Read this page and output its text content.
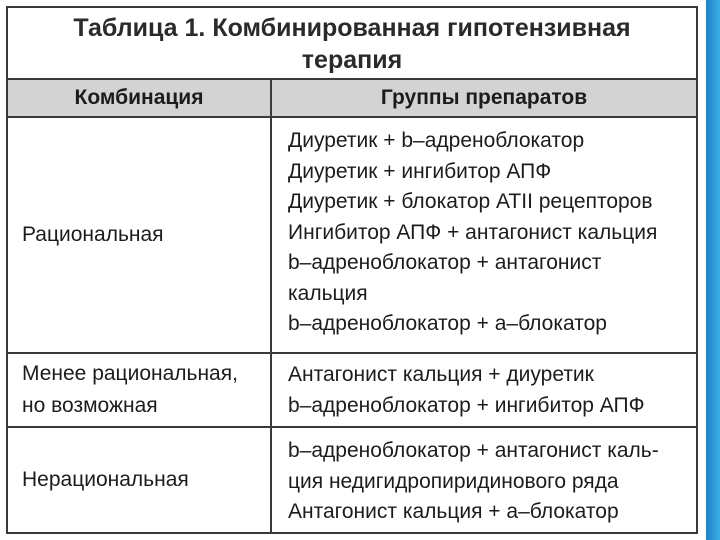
Таблица 1. Комбинированная гипотензивная
терапия
Комбинация	Группы препаратов
Рациональная
Диуретик + b–адреноблокатор
Диуретик + ингибитор АПФ
Диуретик + блокатор АТII рецепторов
Ингибитор АПФ + антагонист кальция
b–адреноблокатор + антагонист
кальция
b–адреноблокатор + a–блокатор
Менее рациональная,
но возможная
Антагонист кальция + диуретик
b–адреноблокатор + ингибитор АПФ
Нерациональная
b–адреноблокатор + антагонист каль-
ция недигидропиридинового ряда
Антагонист кальция + a–блокатор
